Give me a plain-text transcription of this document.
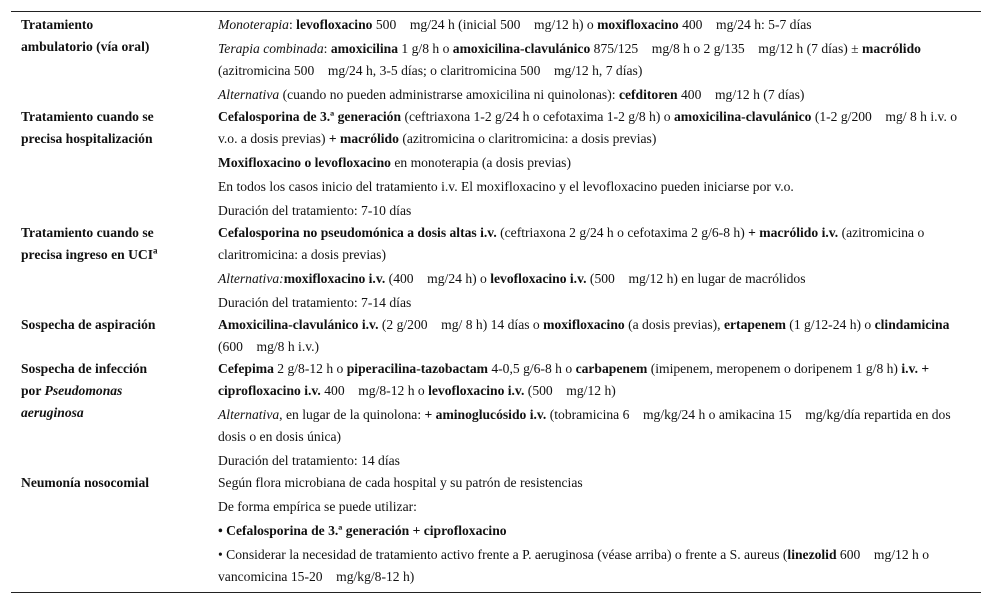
Tratamiento
ambulatorio (vía oral)
Monoterapia: levofloxacino 500 mg/24 h (inicial 500 mg/12 h) o moxifloxacino 400 mg/24 h: 5-7 días
Terapia combinada: amoxicilina 1 g/8 h o amoxicilina-clavulánico 875/125 mg/8 h o 2 g/135 mg/12 h (7 días) ± macrólido (azitromicina 500 mg/24 h, 3-5 días; o claritromicina 500 mg/12 h, 7 días)
Alternativa (cuando no pueden administrarse amoxicilina ni quinolonas): cefditoren 400 mg/12 h (7 días)
Tratamiento cuando se
precisa hospitalización
Cefalosporina de 3.ª generación (ceftriaxona 1-2 g/24 h o cefotaxima 1-2 g/8 h) o amoxicilina-clavulánico (1-2 g/200 mg/ 8 h i.v. o v.o. a dosis previas) + macrólido (azitromicina o claritromicina: a dosis previas)
Moxifloxacino o levofloxacino en monoterapia (a dosis previas)
En todos los casos inicio del tratamiento i.v. El moxifloxacino y el levofloxacino pueden iniciarse por v.o.
Duración del tratamiento: 7-10 días
Tratamiento cuando se
precisa ingreso en UCI$^a$
Cefalosporina no pseudomónica a dosis altas i.v. (ceftriaxona 2 g/24 h o cefotaxima 2 g/6-8 h) + macrólido i.v. (azitromicina o claritromicina: a dosis previas)
Alternativa:moxifloxacino i.v. (400 mg/24 h) o levofloxacino i.v. (500 mg/12 h) en lugar de macrólidos
Duración del tratamiento: 7-14 días
Sospecha de aspiración	Amoxicilina-clavulánico i.v. (2 g/200 mg/ 8 h) 14 días o moxifloxacino (a dosis previas), ertapenem (1 g/12-24 h) o clindamicina (600 mg/8 h i.v.)
Sospecha de infección
por Pseudomonas
aeruginosa
Cefepima 2 g/8-12 h o piperacilina-tazobactam 4-0,5 g/6-8 h o carbapenem (imipenem, meropenem o doripenem 1 g/8 h) i.v. + ciprofloxacino i.v. 400 mg/8-12 h o levofloxacino i.v. (500 mg/12 h)
Alternativa, en lugar de la quinolona: + aminoglucósido i.v. (tobramicina 6 mg/kg/24 h o amikacina 15 mg/kg/día repartida en dos dosis o en dosis única)
Duración del tratamiento: 14 días
Neumonía nosocomial	Según flora microbiana de cada hospital y su patrón de resistencias
De forma empírica se puede utilizar:
• Cefalosporina de 3.ª generación + ciprofloxacino
• Considerar la necesidad de tratamiento activo frente a P. aeruginosa (véase arriba) o frente a S. aureus (linezolid 600 mg/12 h o vancomicina 15-20 mg/kg/8-12 h)
